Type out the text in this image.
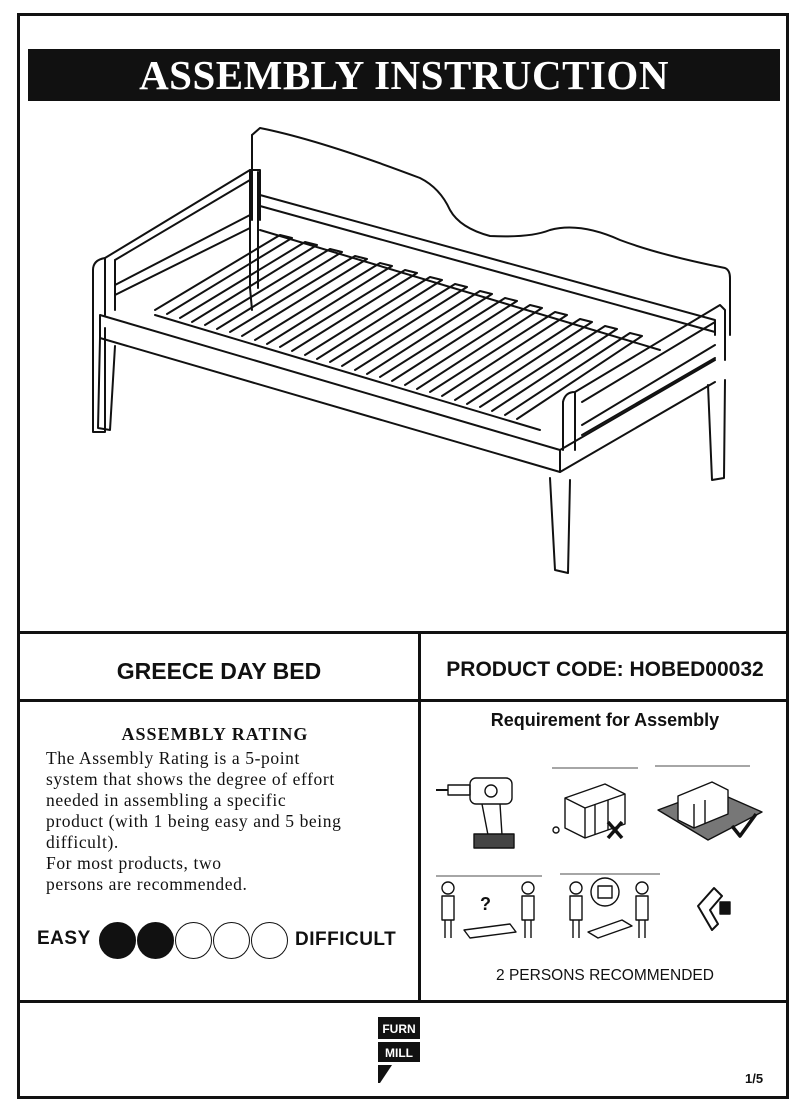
ASSEMBLY INSTRUCTION
GREECE DAY BED	PRODUCT CODE: HOBED00032
ASSEMBLY RATING

The Assembly Rating is a 5-point

system that shows the degree of effort

needed in assembling a specific

product (with 1 being easy and 5 being

difficult).

For most products, two

persons are recommended.

EASY	DIFFICULT
Requirement for Assembly
?
2 PERSONS RECOMMENDED
FURN
MILL
1/5
